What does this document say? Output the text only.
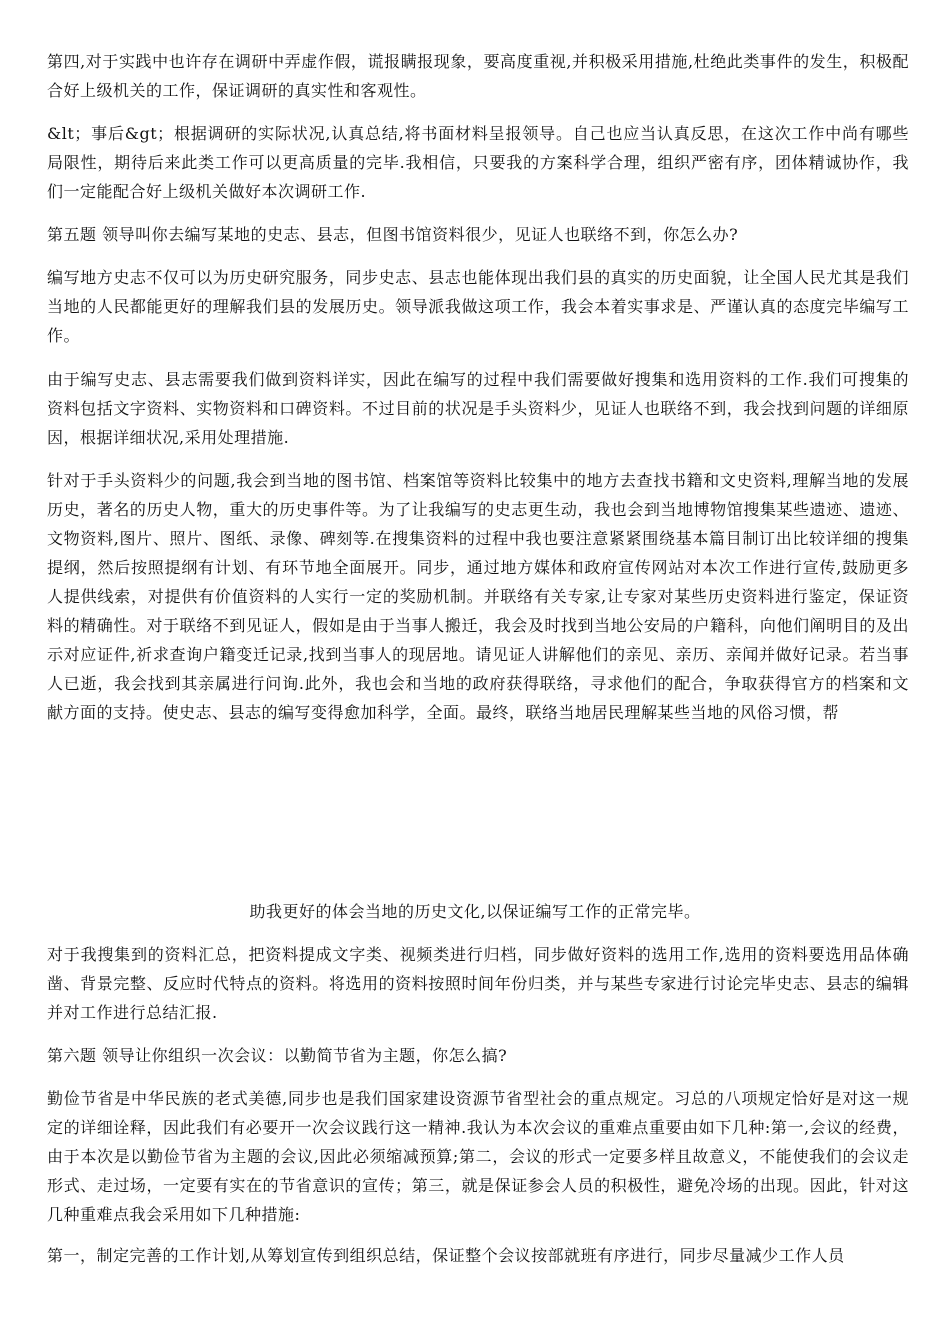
第四,对于实践中也许存在调研中弄虚作假，谎报瞒报现象，要高度重视,并积极采用措施,杜绝此类事件的发生，积极配合好上级机关的工作，保证调研的真实性和客观性。

&lt；事后&gt；根据调研的实际状况,认真总结,将书面材料呈报领导。自己也应当认真反思，在这次工作中尚有哪些局限性，期待后来此类工作可以更高质量的完毕.我相信，只要我的方案科学合理，组织严密有序，团体精诚协作，我们一定能配合好上级机关做好本次调研工作.

第五题 领导叫你去编写某地的史志、县志，但图书馆资料很少，见证人也联络不到，你怎么办?

编写地方史志不仅可以为历史研究服务，同步史志、县志也能体现出我们县的真实的历史面貌，让全国人民尤其是我们当地的人民都能更好的理解我们县的发展历史。领导派我做这项工作，我会本着实事求是、严谨认真的态度完毕编写工作。

由于编写史志、县志需要我们做到资料详实，因此在编写的过程中我们需要做好搜集和选用资料的工作.我们可搜集的资料包括文字资料、实物资料和口碑资料。不过目前的状况是手头资料少，见证人也联络不到，我会找到问题的详细原因，根据详细状况,采用处理措施.

针对于手头资料少的问题,我会到当地的图书馆、档案馆等资料比较集中的地方去查找书籍和文史资料,理解当地的发展历史，著名的历史人物，重大的历史事件等。为了让我编写的史志更生动，我也会到当地博物馆搜集某些遗迹、遗迹、文物资料,图片、照片、图纸、录像、碑刻等.在搜集资料的过程中我也要注意紧紧围绕基本篇目制订出比较详细的搜集提纲，然后按照提纲有计划、有环节地全面展开。同步，通过地方媒体和政府宣传网站对本次工作进行宣传,鼓励更多人提供线索，对提供有价值资料的人实行一定的奖励机制。并联络有关专家,让专家对某些历史资料进行鉴定，保证资料的精确性。对于联络不到见证人，假如是由于当事人搬迁，我会及时找到当地公安局的户籍科，向他们阐明目的及出示对应证件,祈求查询户籍变迁记录,找到当事人的现居地。请见证人讲解他们的亲见、亲历、亲闻并做好记录。若当事人已逝，我会找到其亲属进行问询.此外，我也会和当地的政府获得联络，寻求他们的配合，争取获得官方的档案和文献方面的支持。使史志、县志的编写变得愈加科学，全面。最终，联络当地居民理解某些当地的风俗习惯，帮

助我更好的体会当地的历史文化,以保证编写工作的正常完毕。

对于我搜集到的资料汇总，把资料提成文字类、视频类进行归档，同步做好资料的选用工作,选用的资料要选用品体确凿、背景完整、反应时代特点的资料。将选用的资料按照时间年份归类，并与某些专家进行讨论完毕史志、县志的编辑并对工作进行总结汇报.

第六题 领导让你组织一次会议：以勤简节省为主题，你怎么搞?

勤俭节省是中华民族的老式美德,同步也是我们国家建设资源节省型社会的重点规定。习总的八项规定恰好是对这一规定的详细诠释，因此我们有必要开一次会议践行这一精神.我认为本次会议的重难点重要由如下几种:第一,会议的经费，由于本次是以勤俭节省为主题的会议,因此必须缩减预算;第二，会议的形式一定要多样且故意义，不能使我们的会议走形式、走过场，一定要有实在的节省意识的宣传；第三，就是保证参会人员的积极性，避免冷场的出现。因此，针对这几种重难点我会采用如下几种措施:

第一，制定完善的工作计划,从筹划宣传到组织总结，保证整个会议按部就班有序进行，同步尽量减少工作人员
